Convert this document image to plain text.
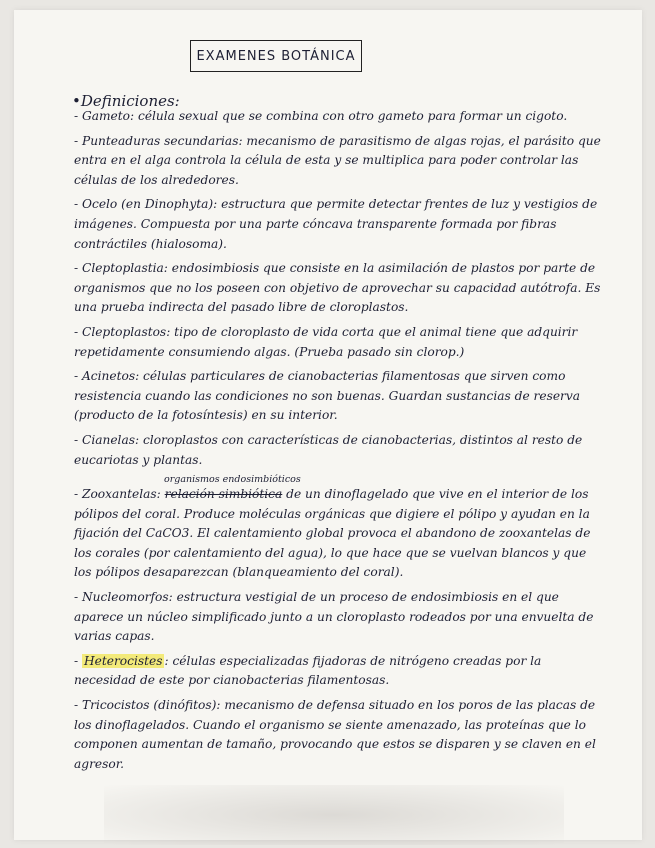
EXAMENES BOTÁNICA
•Definiciones:
- Gameto: célula sexual que se combina con otro gameto para formar un cigoto.
- Punteaduras secundarias: mecanismo de parasitismo de algas rojas, el parásito que entra en el alga controla la célula de esta y se multiplica para poder controlar las células de los alrededores.
- Ocelo (en Dinophyta): estructura que permite detectar frentes de luz y vestigios de imágenes. Compuesta por una parte cóncava transparente formada por fibras contráctiles (hialosoma).
- Cleptoplastia: endosimbiosis que consiste en la asimilación de plastos por parte de organismos que no los poseen con objetivo de aprovechar su capacidad autótrofa. Es una prueba indirecta del pasado libre de cloroplastos.
- Cleptoplastos: tipo de cloroplasto de vida corta que el animal tiene que adquirir repetidamente consumiendo algas. (Prueba pasado sin clorop.)
- Acinetos: células particulares de cianobacterias filamentosas que sirven como resistencia cuando las condiciones no son buenas. Guardan sustancias de reserva (producto de la fotosíntesis) en su interior.
- Cianelas: cloroplastos con características de cianobacterias, distintos al resto de eucariotas y plantas.
organismos endosimbióticos
- Zooxantelas: relación simbiótica de un dinoflagelado que vive en el interior de los pólipos del coral. Produce moléculas orgánicas que digiere el pólipo y ayudan en la fijación del CaCO3. El calentamiento global provoca el abandono de zooxantelas de los corales (por calentamiento del agua), lo que hace que se vuelvan blancos y que los pólipos desaparezcan (blanqueamiento del coral).
- Nucleomorfos: estructura vestigial de un proceso de endosimbiosis en el que aparece un núcleo simplificado junto a un cloroplasto rodeados por una envuelta de varias capas.
- Heterocistes : células especializadas fijadoras de nitrógeno creadas por la necesidad de este por cianobacterias filamentosas.
- Tricocistos (dinófitos): mecanismo de defensa situado en los poros de las placas de los dinoflagelados. Cuando el organismo se siente amenazado, las proteínas que lo componen aumentan de tamaño, provocando que estos se disparen y se claven en el agresor.
